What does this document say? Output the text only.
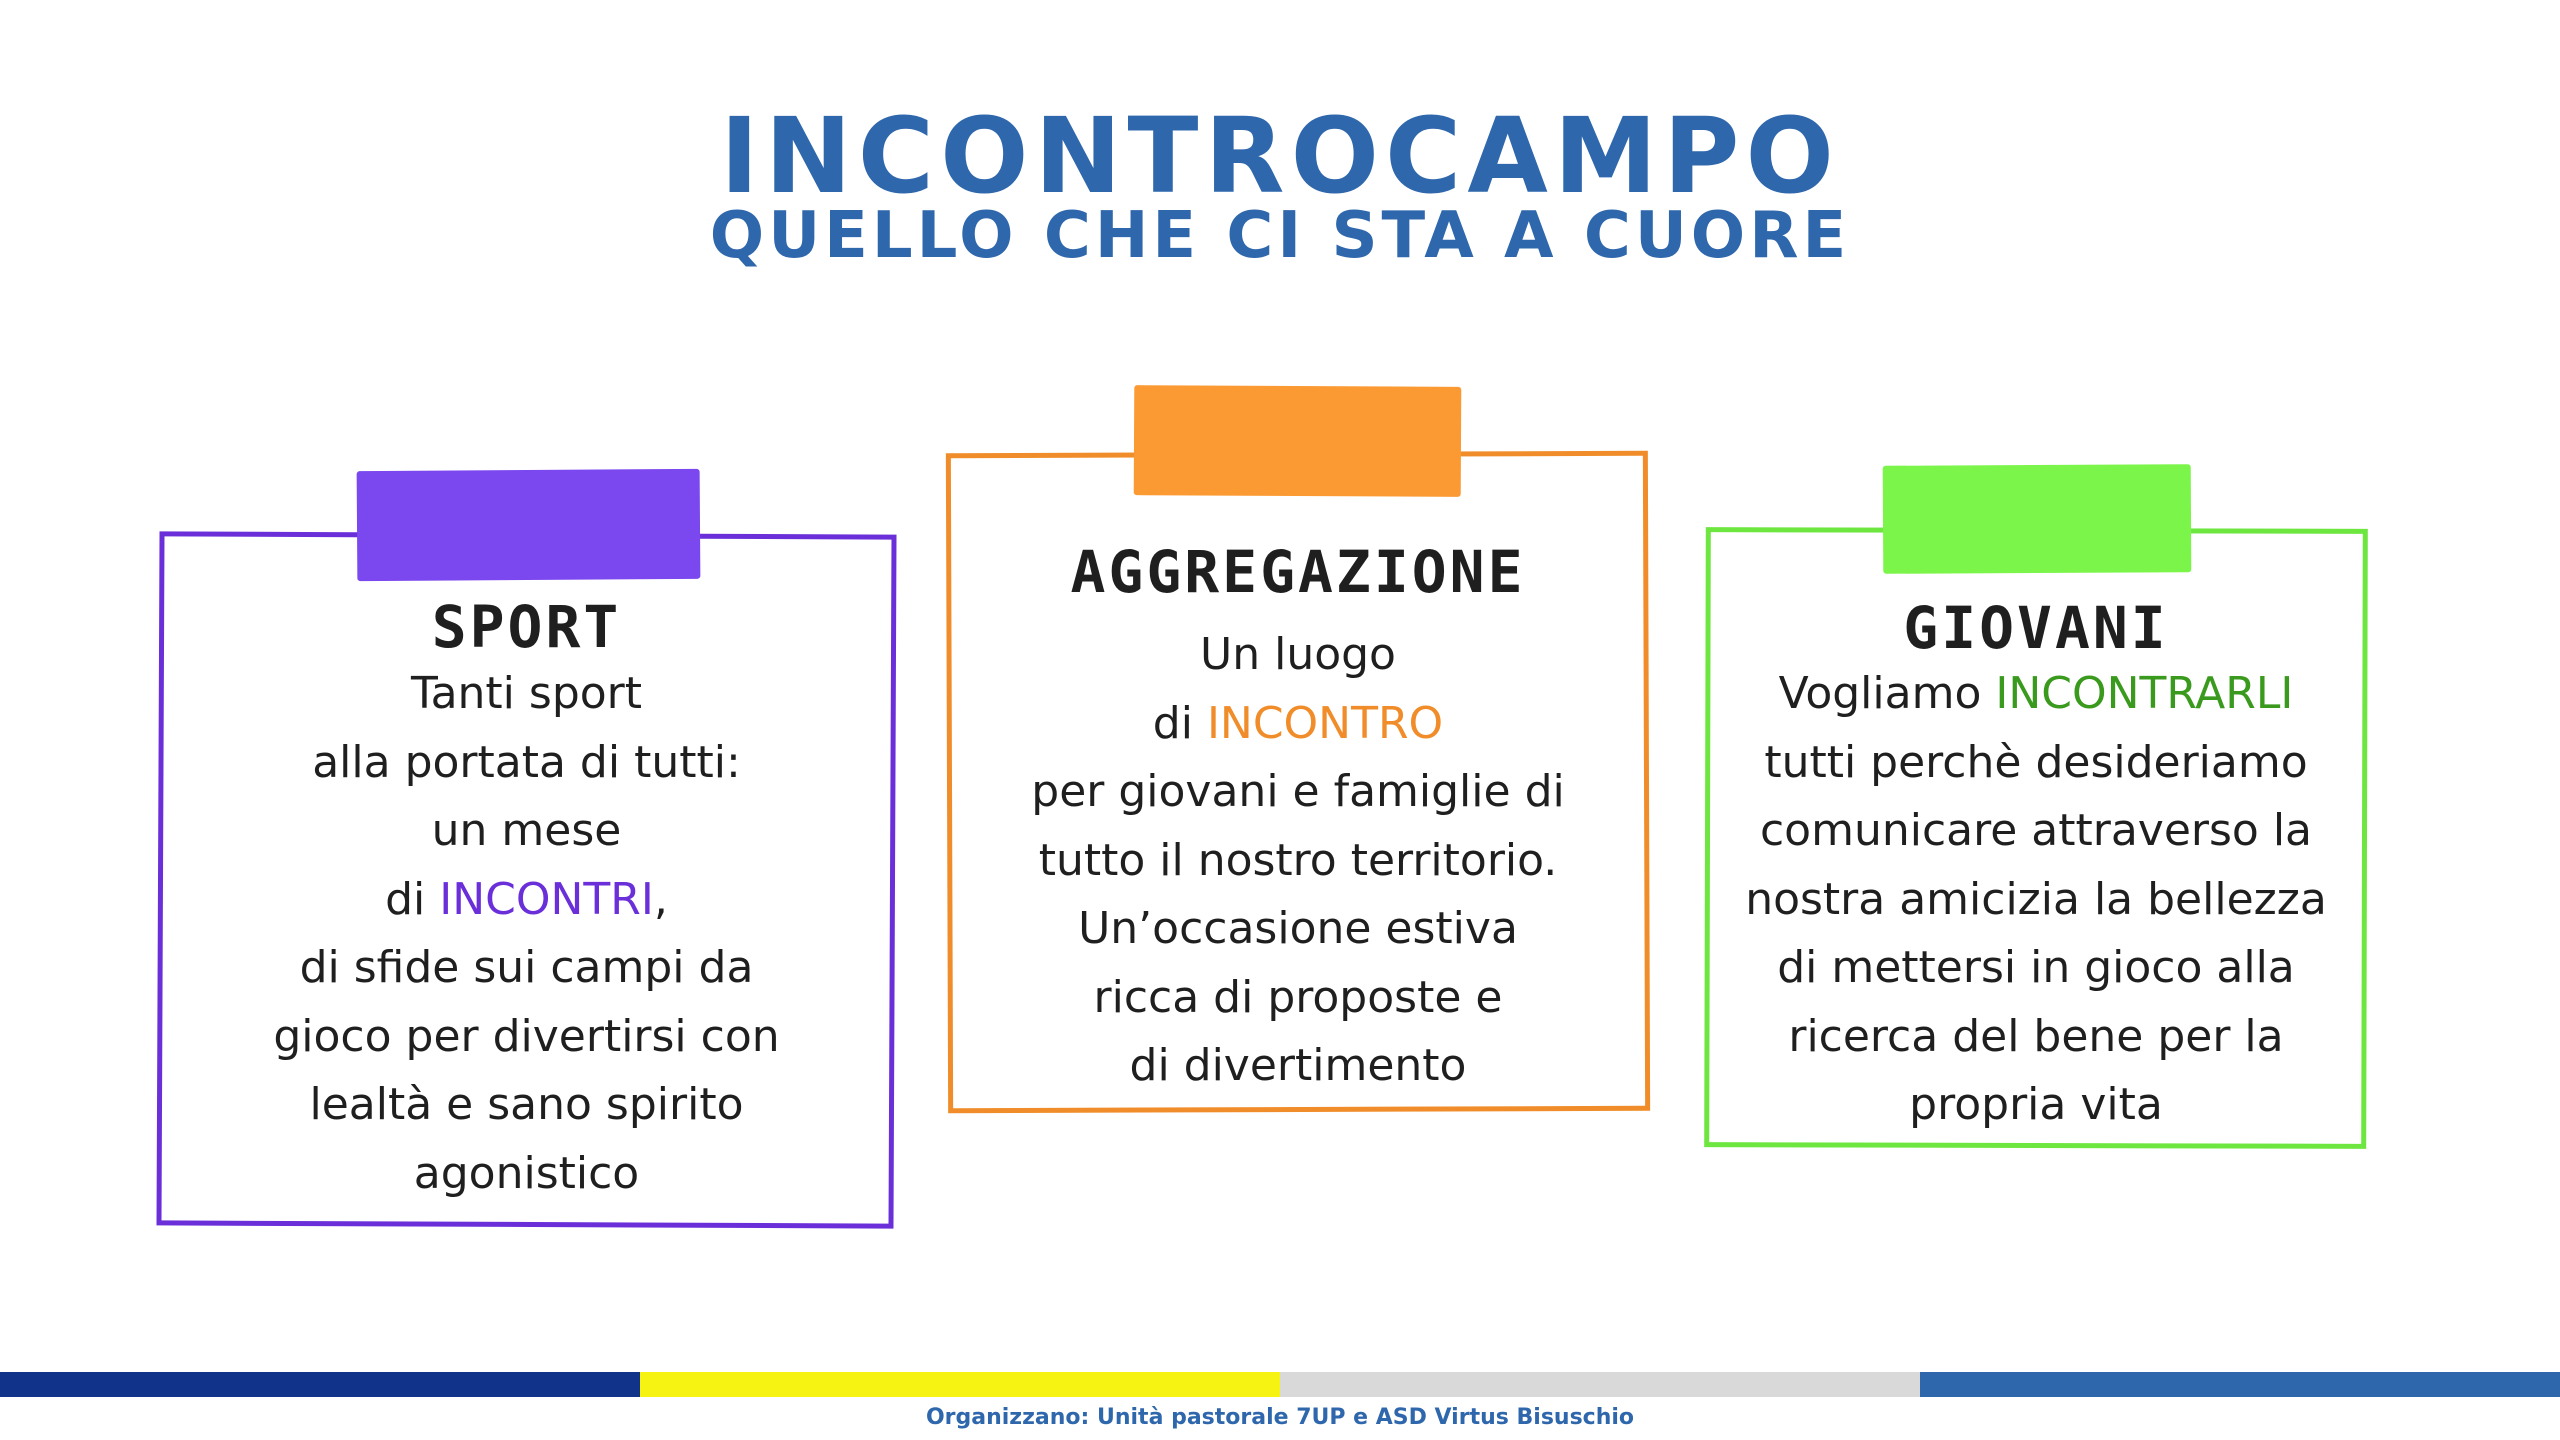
INCONTROCAMPO
QUELLO CHE CI STA A CUORE
SPORT

Tanti sport
alla portata di tutti:
un mese
di INCONTRI,
di sfide sui campi da
gioco per divertirsi con
lealtà e sano spirito
agonistico

AGGREGAZIONE

Un luogo
di INCONTRO
per giovani e famiglie di
tutto il nostro territorio.
Un’occasione estiva
ricca di proposte e
di divertimento

GIOVANI

Vogliamo INCONTRARLI
tutti perchè desideriamo
comunicare attraverso la
nostra amicizia la bellezza
di mettersi in gioco alla
ricerca del bene per la
propria vita

Organizzano: Unità pastorale 7UP e ASD Virtus Bisuschio
